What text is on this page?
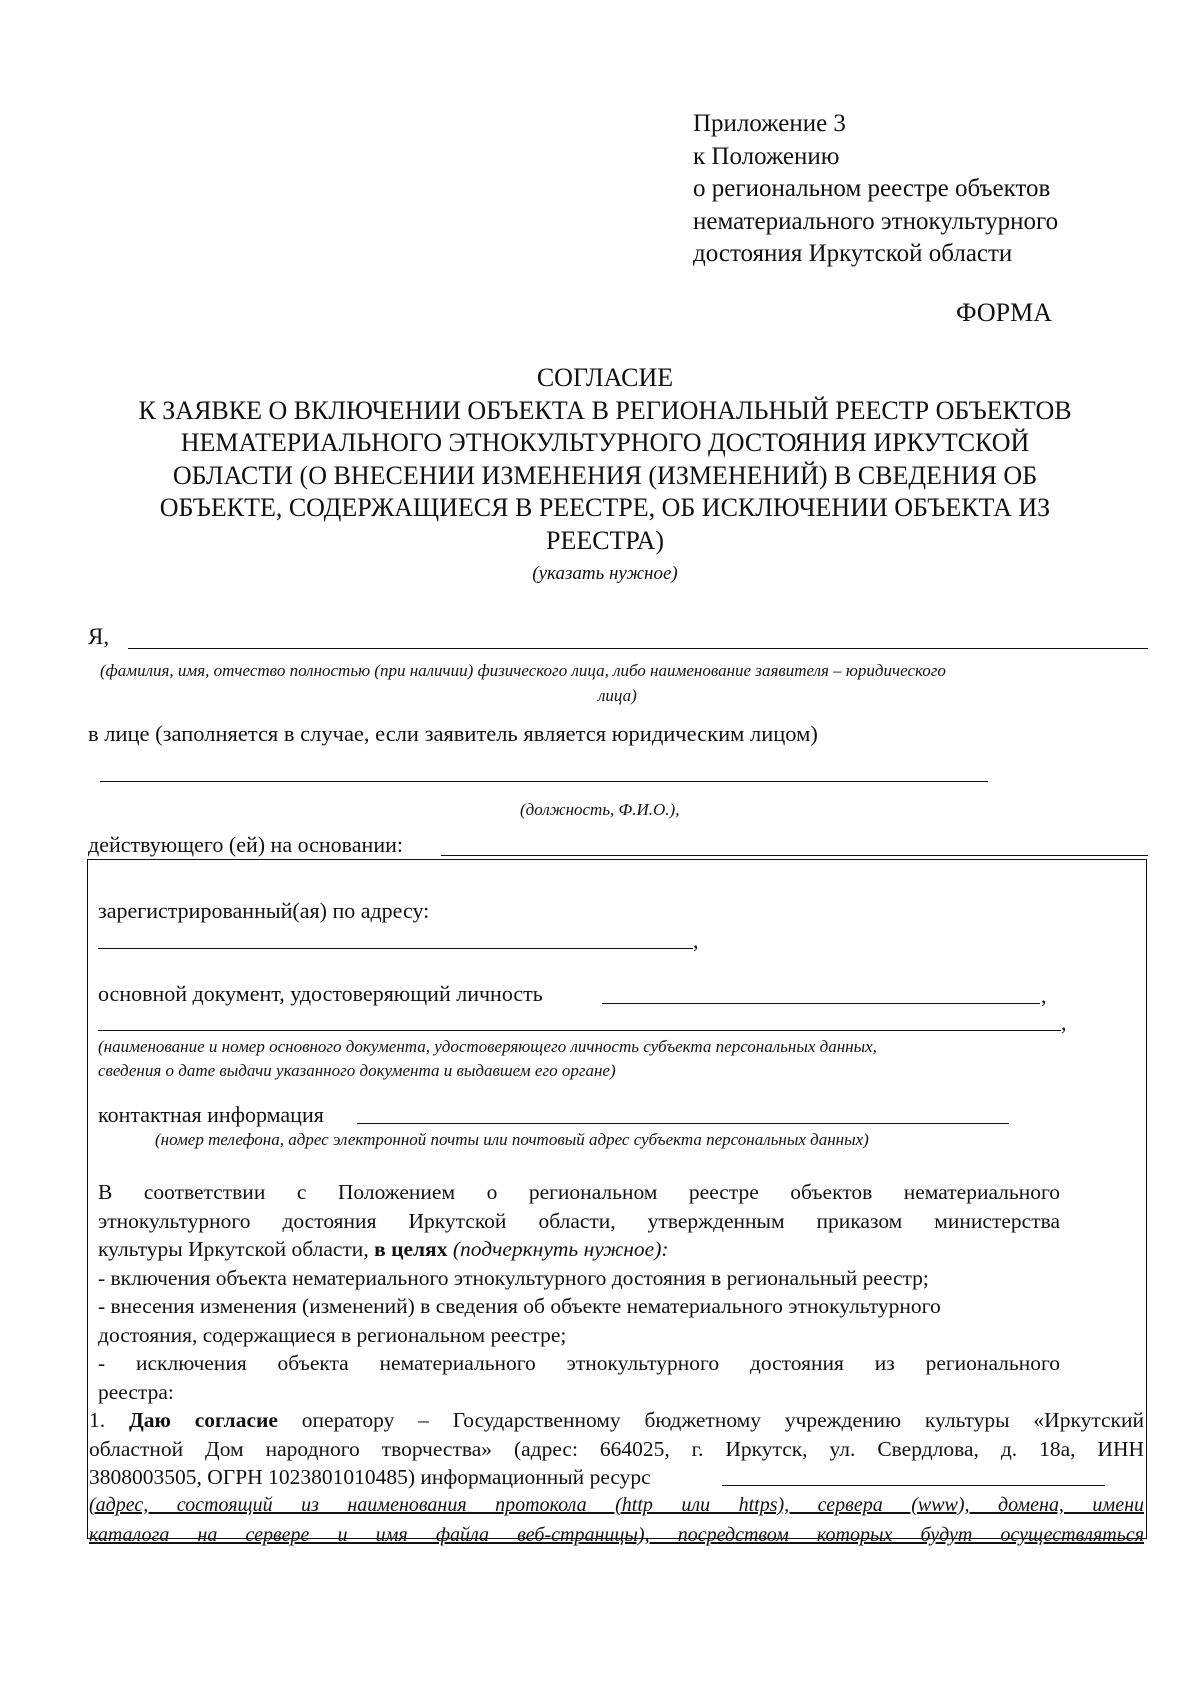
Приложение 3
к Положению
о региональном реестре объектов
нематериального этнокультурного
достояния Иркутской области
ФОРМА
СОГЛАСИЕ
К ЗАЯВКЕ О ВКЛЮЧЕНИИ ОБЪЕКТА В РЕГИОНАЛЬНЫЙ РЕЕСТР ОБЪЕКТОВ
НЕМАТЕРИАЛЬНОГО ЭТНОКУЛЬТУРНОГО ДОСТОЯНИЯ ИРКУТСКОЙ
ОБЛАСТИ (О ВНЕСЕНИИ ИЗМЕНЕНИЯ (ИЗМЕНЕНИЙ) В СВЕДЕНИЯ ОБ
ОБЪЕКТЕ, СОДЕРЖАЩИЕСЯ В РЕЕСТРЕ, ОБ ИСКЛЮЧЕНИИ ОБЪЕКТА ИЗ
РЕЕСТРА)
(указать нужное)
Я,
(фамилия, имя, отчество полностью (при наличии) физического лица, либо наименование заявителя – юридического
лица)
в лице (заполняется в случае, если заявитель является юридическим лицом)
(должность, Ф.И.О.),
действующего (ей) на основании:
зарегистрированный(ая) по адресу:
,
основной документ, удостоверяющий личность	,
,
(наименование и номер основного документа, удостоверяющего личность субъекта персональных данных,
сведения о дате выдачи указанного документа и выдавшем его органе)
контактная информация
(номер телефона, адрес электронной почты или почтовый адрес субъекта персональных данных)
В соответствии с Положением о региональном реестре объектов нематериального
этнокультурного достояния Иркутской области, утвержденным приказом министерства
культуры Иркутской области, в целях (подчеркнуть нужное):
- включения объекта нематериального этнокультурного достояния в региональный реестр;
- внесения изменения (изменений) в сведения об объекте нематериального этнокультурного
достояния, содержащиеся в региональном реестре;
- исключения объекта нематериального этнокультурного достояния из регионального
реестра:
1. Даю согласие оператору – Государственному бюджетному учреждению культуры «Иркутский
областной Дом народного творчества» (адрес: 664025, г. Иркутск, ул. Свердлова, д. 18а, ИНН
3808003505, ОГРН 1023801010485) информационный ресурс
(адрес, состоящий из наименования протокола (http или https), сервера (www), домена, имени
каталога на сервере и имя файла веб-страницы), посредством которых будут осуществляться
